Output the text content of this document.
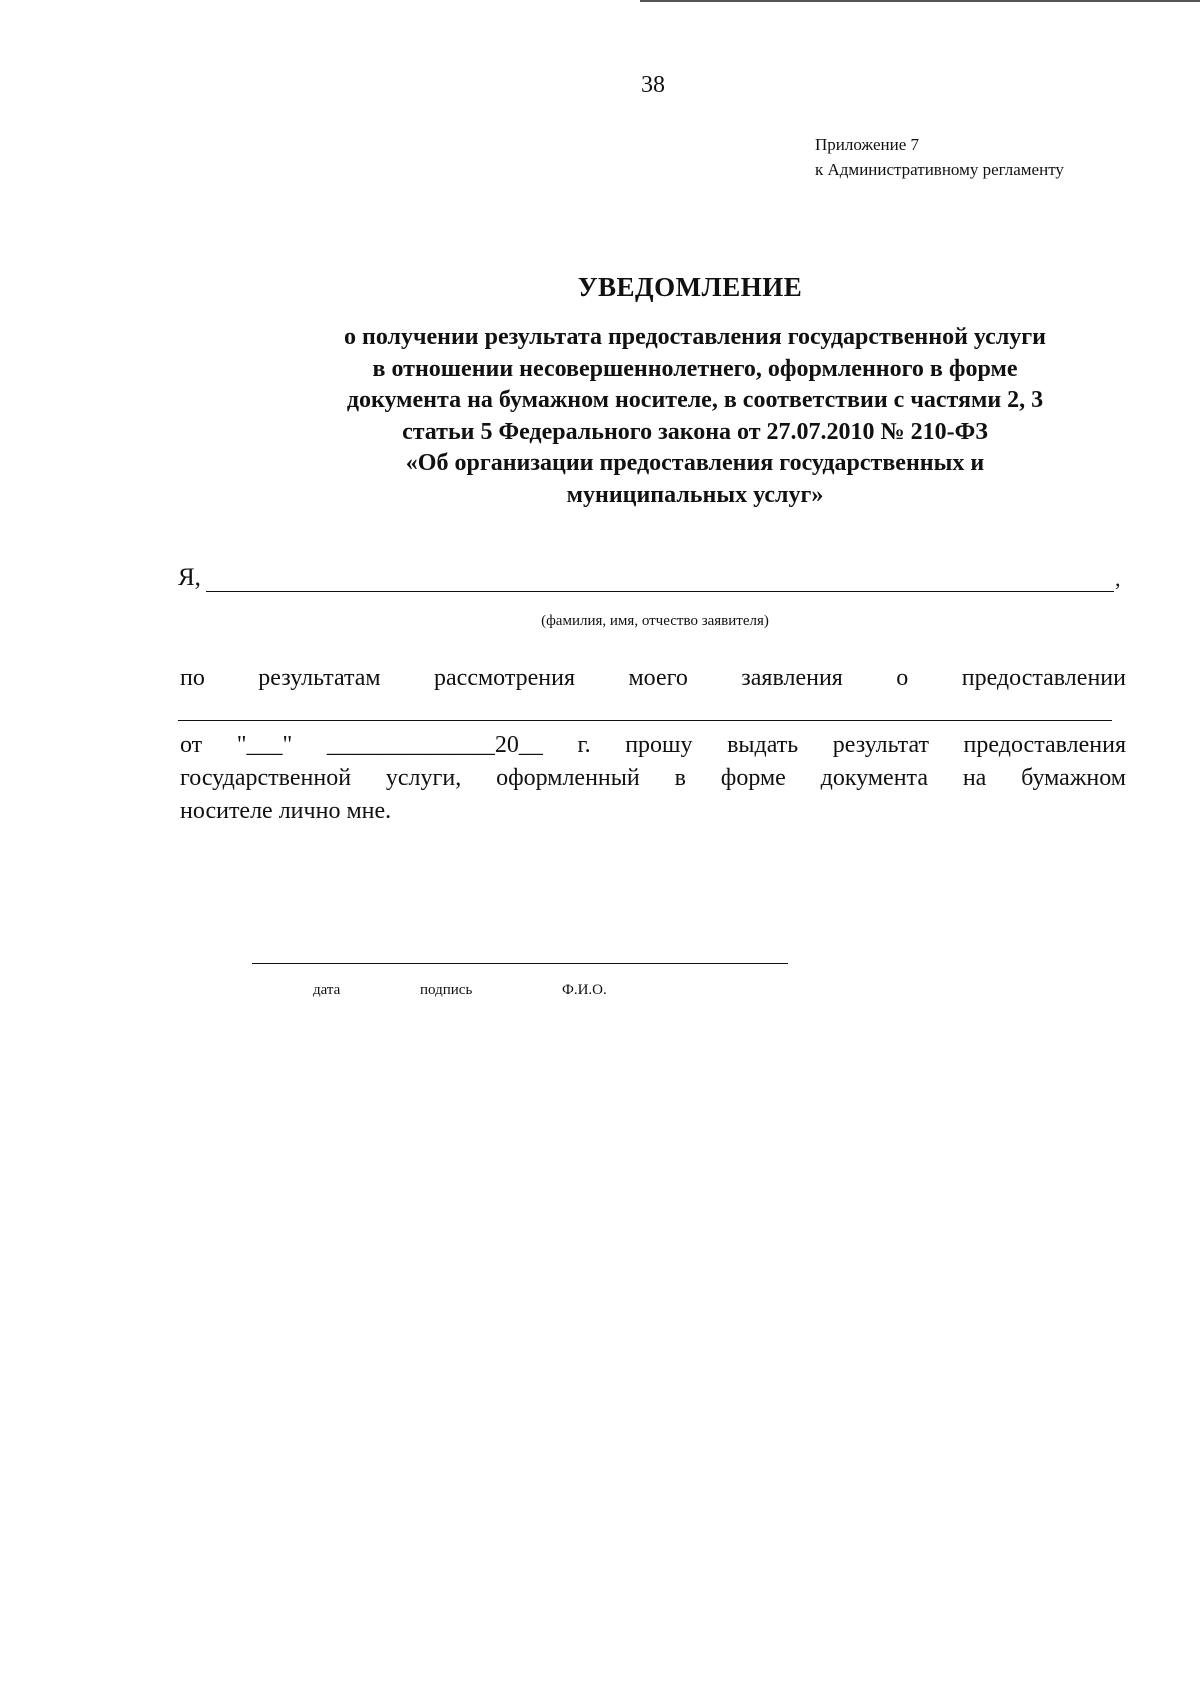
38
Приложение 7
к Административному регламенту
УВЕДОМЛЕНИЕ
о получении результата предоставления государственной услуги
в отношении несовершеннолетнего, оформленного в форме
документа на бумажном носителе, в соответствии с частями 2, 3
статьи 5 Федерального закона от 27.07.2010 № 210-ФЗ
«Об организации предоставления государственных и
муниципальных услуг»
Я,	,
(фамилия, имя, отчество заявителя)
по результатам рассмотрения моего заявления о предоставлении
от "___" ______________20__ г. прошу выдать результат предоставления
государственной услуги, оформленный в форме документа на бумажном
носителе лично мне.
дата	подпись	Ф.И.О.
